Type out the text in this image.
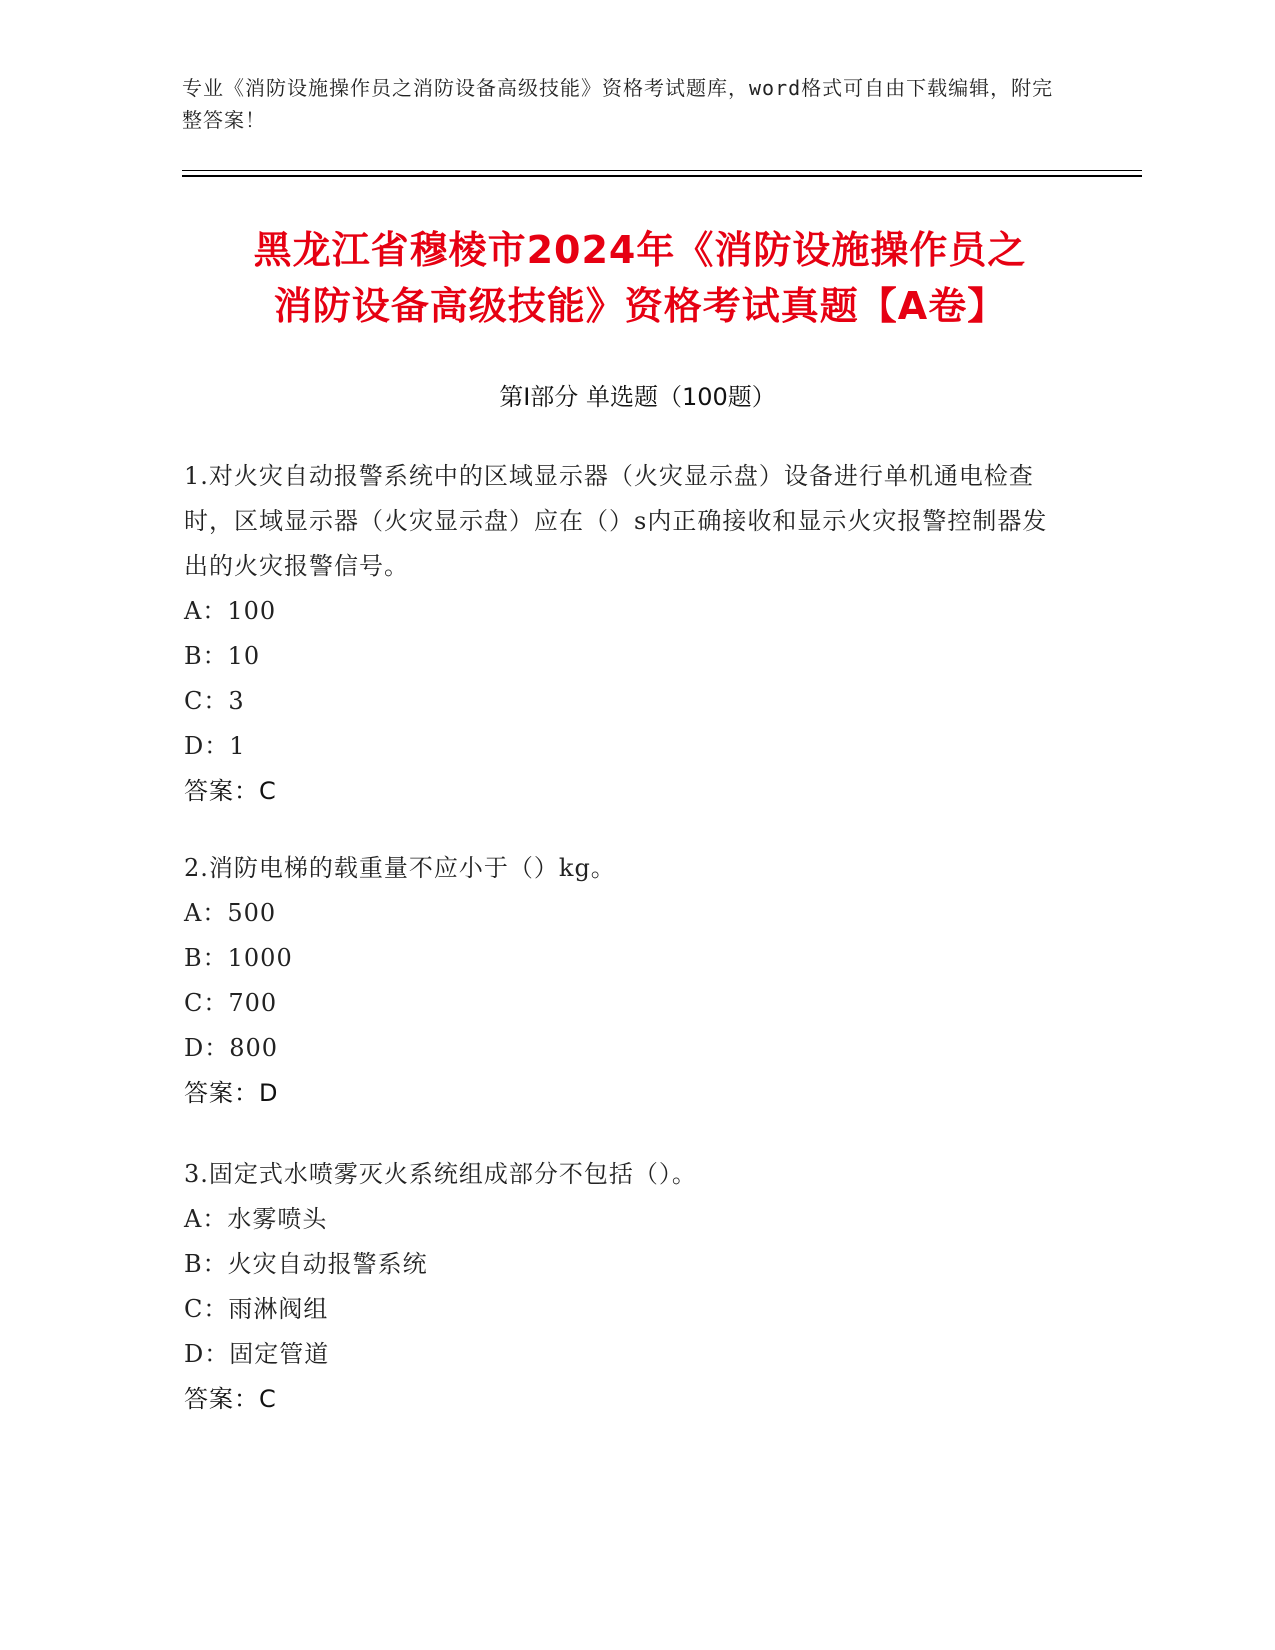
专业《消防设施操作员之消防设备高级技能》资格考试题库，word格式可自由下载编辑，附完整答案！
黑龙江省穆棱市2024年《消防设施操作员之
消防设备高级技能》资格考试真题【A卷】
第Ⅰ部分 单选题（100题）

1.对火灾自动报警系统中的区域显示器（火灾显示盘）设备进行单机通电检查时，区域显示器（火灾显示盘）应在（）s内正确接收和显示火灾报警控制器发出的火灾报警信号。

A：100

B：10

C：3

D：1

答案：C

2.消防电梯的载重量不应小于（）kg。

A：500

B：1000

C：700

D：800

答案：D

3.固定式水喷雾灭火系统组成部分不包括（）。

A：水雾喷头

B：火灾自动报警系统

C：雨淋阀组

D：固定管道

答案：C
